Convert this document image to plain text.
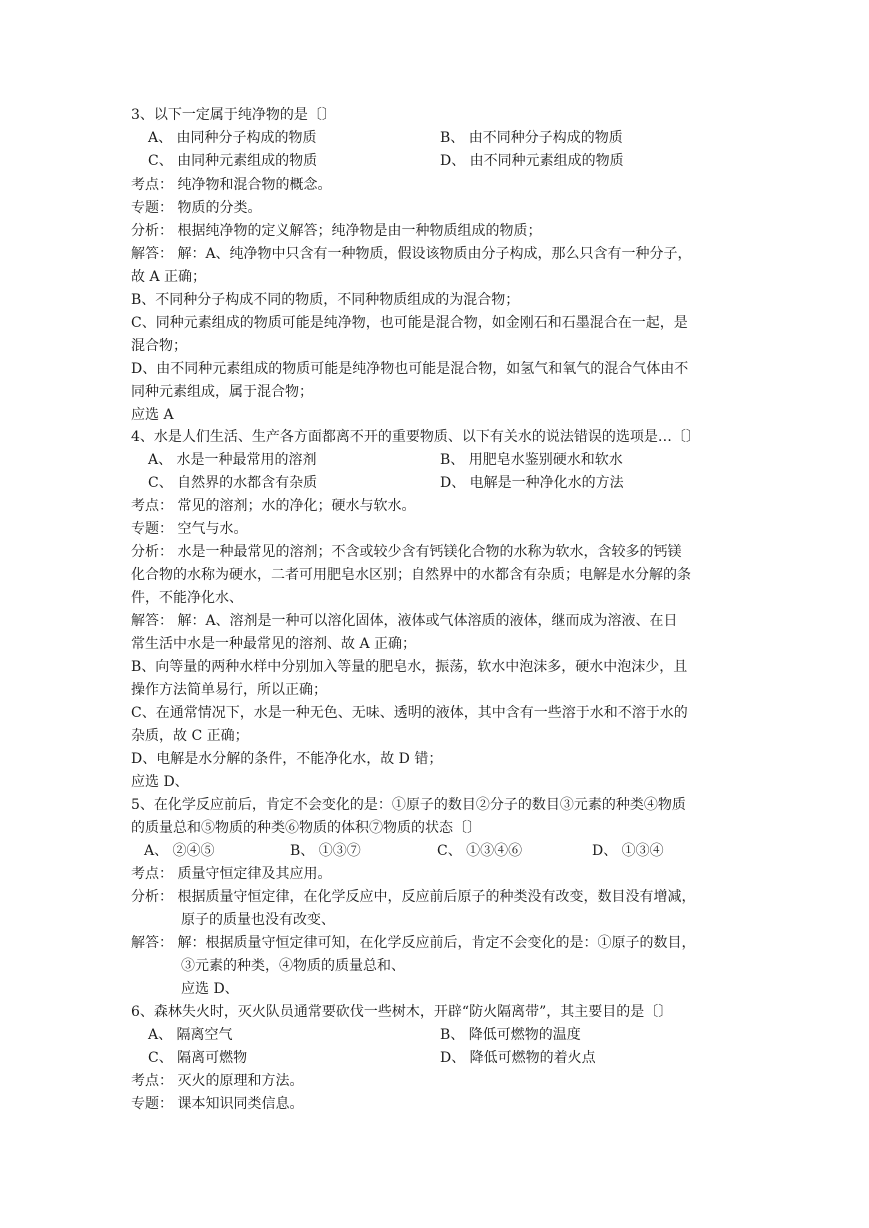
3、以下一定属于纯净物的是〔〕
A、 由同种分子构成的物质	B、 由不同种分子构成的物质
C、 由同种元素组成的物质	D、 由不同种元素组成的物质
考点： 纯净物和混合物的概念。
专题： 物质的分类。
分析： 根据纯净物的定义解答；纯净物是由一种物质组成的物质；
解答： 解：A、纯净物中只含有一种物质，假设该物质由分子构成，那么只含有一种分子，
故 A 正确；
B、不同种分子构成不同的物质，不同种物质组成的为混合物；
C、同种元素组成的物质可能是纯净物，也可能是混合物，如金刚石和石墨混合在一起，是
混合物；
D、由不同种元素组成的物质可能是纯净物也可能是混合物，如氢气和氧气的混合气体由不
同种元素组成，属于混合物；
应选 A
4、水是人们生活、生产各方面都离不开的重要物质、以下有关水的说法错误的选项是…〔〕
A、 水是一种最常用的溶剂	B、 用肥皂水鉴别硬水和软水
C、 自然界的水都含有杂质	D、 电解是一种净化水的方法
考点： 常见的溶剂；水的净化；硬水与软水。
专题： 空气与水。
分析： 水是一种最常见的溶剂；不含或较少含有钙镁化合物的水称为软水，含较多的钙镁
化合物的水称为硬水，二者可用肥皂水区别；自然界中的水都含有杂质；电解是水分解的条
件，不能净化水、
解答： 解：A、溶剂是一种可以溶化固体，液体或气体溶质的液体，继而成为溶液、在日
常生活中水是一种最常见的溶剂、故 A 正确；
B、向等量的两种水样中分别加入等量的肥皂水，振荡，软水中泡沫多，硬水中泡沫少，且
操作方法简单易行，所以正确；
C、在通常情况下，水是一种无色、无味、透明的液体，其中含有一些溶于水和不溶于水的
杂质，故 C 正确；
D、电解是水分解的条件，不能净化水，故 D 错；
应选 D、
5、在化学反应前后，肯定不会变化的是：①原子的数目②分子的数目③元素的种类④物质
的质量总和⑤物质的种类⑥物质的体积⑦物质的状态〔〕
A、 ②④⑤	B、 ①③⑦	C、 ①③④⑥	D、 ①③④
考点： 质量守恒定律及其应用。
分析： 根据质量守恒定律，在化学反应中，反应前后原子的种类没有改变，数目没有增减，
原子的质量也没有改变、
解答： 解：根据质量守恒定律可知，在化学反应前后，肯定不会变化的是：①原子的数目，
③元素的种类，④物质的质量总和、
应选 D、
6、森林失火时，灭火队员通常要砍伐一些树木，开辟“防火隔离带”，其主要目的是〔〕
A、 隔离空气	B、 降低可燃物的温度
C、 隔离可燃物	D、 降低可燃物的着火点
考点： 灭火的原理和方法。
专题： 课本知识同类信息。
